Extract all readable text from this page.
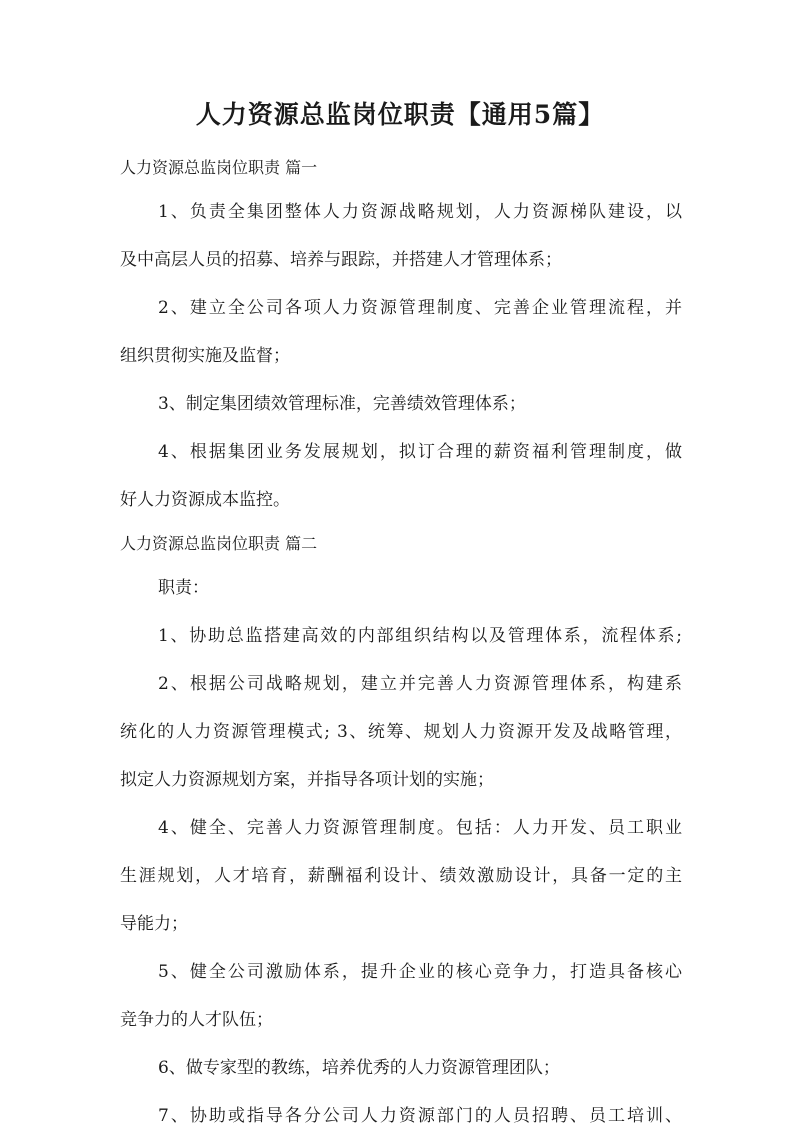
人力资源总监岗位职责【通用5篇】
人力资源总监岗位职责 篇一
1、负责全集团整体人力资源战略规划，人力资源梯队建设，以
及中高层人员的招募、培养与跟踪，并搭建人才管理体系；
2、建立全公司各项人力资源管理制度、完善企业管理流程，并
组织贯彻实施及监督；
3、制定集团绩效管理标准，完善绩效管理体系；
4、根据集团业务发展规划，拟订合理的薪资福利管理制度，做
好人力资源成本监控。
人力资源总监岗位职责 篇二
职责：
1、协助总监搭建高效的内部组织结构以及管理体系，流程体系;
2、根据公司战略规划，建立并完善人力资源管理体系，构建系
统化的人力资源管理模式; 3、统筹、规划人力资源开发及战略管理，
拟定人力资源规划方案，并指导各项计划的实施；
4、健全、完善人力资源管理制度。包括：人力开发、员工职业
生涯规划，人才培育，薪酬福利设计、绩效激励设计，具备一定的主
导能力；
5、健全公司激励体系，提升企业的核心竞争力，打造具备核心
竞争力的人才队伍；
6、做专家型的教练，培养优秀的人力资源管理团队；
7、协助或指导各分公司人力资源部门的人员招聘、员工培训、
